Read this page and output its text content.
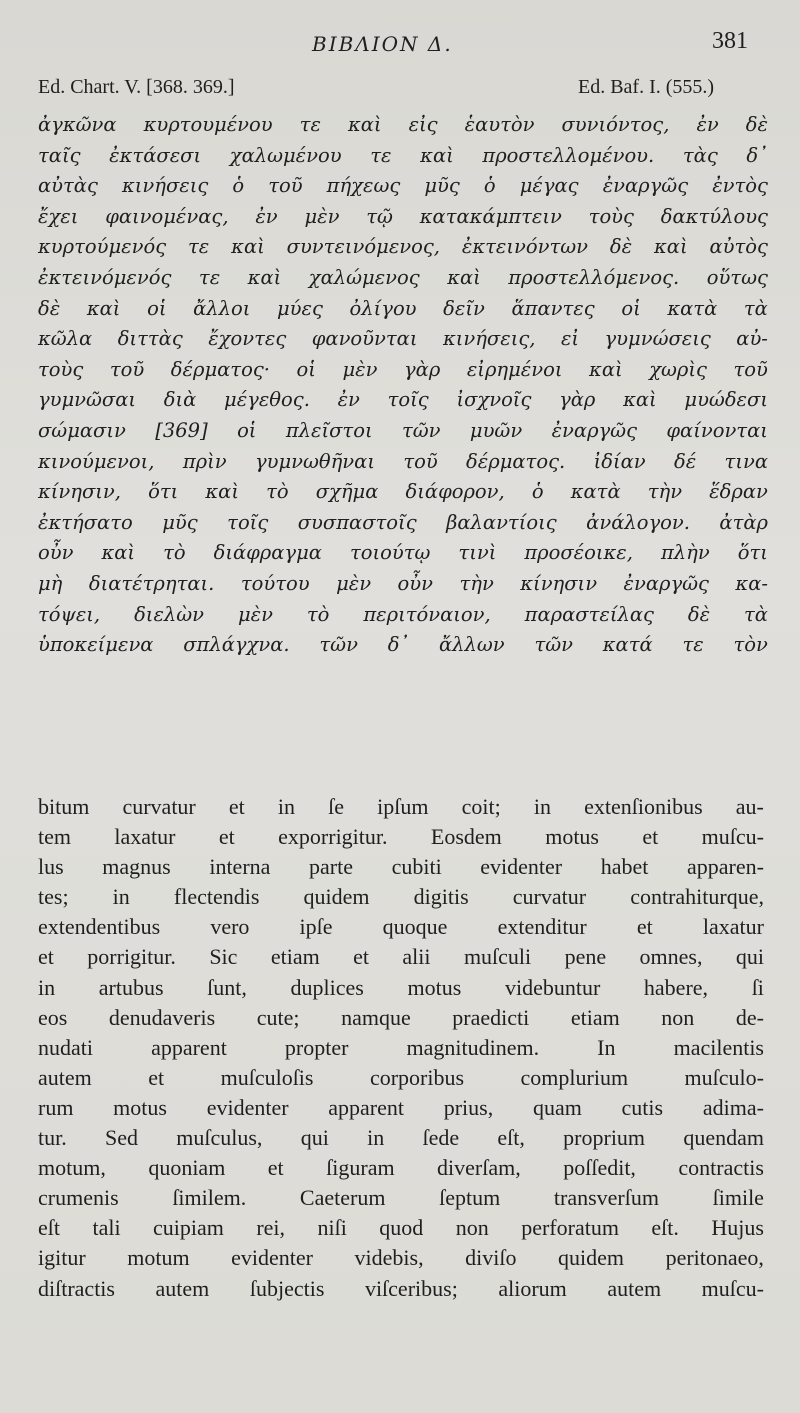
ΒΙΒΛΙΟΝ Δ.	381
Ed. Chart. V. [368. 369.]	Ed. Baf. I. (555.)
ἀγκῶνα κυρτουμένου τε καὶ εἰς ἑαυτὸν συνιόντος, ἐν δὲ
ταῖς ἐκτάσεσι χαλωμένου τε καὶ προστελλομένου. τὰς δ᾽
αὐτὰς κινήσεις ὁ τοῦ πήχεως μῦς ὁ μέγας ἐναργῶς ἐντὸς
ἔχει φαινομένας, ἐν μὲν τῷ κατακάμπτειν τοὺς δακτύλους
κυρτούμενός τε καὶ συντεινόμενος, ἐκτεινόντων δὲ καὶ αὐτὸς
ἐκτεινόμενός τε καὶ χαλώμενος καὶ προστελλόμενος. οὕτως
δὲ καὶ οἱ ἄλλοι μύες ὀλίγου δεῖν ἅπαντες οἱ κατὰ τὰ
κῶλα διττὰς ἔχοντες φανοῦνται κινήσεις, εἰ γυμνώσεις αὐ-
τοὺς τοῦ δέρματος· οἱ μὲν γὰρ εἰρημένοι καὶ χωρὶς τοῦ
γυμνῶσαι διὰ μέγεθος. ἐν τοῖς ἰσχνοῖς γὰρ καὶ μυώδεσι
σώμασιν [369] οἱ πλεῖστοι τῶν μυῶν ἐναργῶς φαίνονται
κινούμενοι, πρὶν γυμνωθῆναι τοῦ δέρματος. ἰδίαν δέ τινα
κίνησιν, ὅτι καὶ τὸ σχῆμα διάφορον, ὁ κατὰ τὴν ἕδραν
ἐκτήσατο μῦς τοῖς συσπαστοῖς βαλαντίοις ἀνάλογον. ἀτὰρ
οὖν καὶ τὸ διάφραγμα τοιούτῳ τινὶ προσέοικε, πλὴν ὅτι
μὴ διατέτρηται. τούτου μὲν οὖν τὴν κίνησιν ἐναργῶς κα-
τόψει, διελὼν μὲν τὸ περιτόναιον, παραστείλας δὲ τὰ
ὑποκείμενα σπλάγχνα. τῶν δ᾽ ἄλλων τῶν κατά τε τὸν
bitum curvatur et in ſe ipſum coit; in extenſionibus au-
tem laxatur et exporrigitur. Eosdem motus et muſcu-
lus magnus interna parte cubiti evidenter habet apparen-
tes; in flectendis quidem digitis curvatur contrahiturque,
extendentibus vero ipſe quoque extenditur et laxatur
et porrigitur. Sic etiam et alii muſculi pene omnes, qui
in artubus ſunt, duplices motus videbuntur habere, ſi
eos denudaveris cute; namque praedicti etiam non de-
nudati	apparent	propter	magnitudinem.	In	macilentis
autem	et	muſculoſis	corporibus	complurium	muſculo-
rum motus evidenter apparent prius, quam cutis adima-
tur. Sed muſculus, qui in ſede eſt, proprium quendam
motum, quoniam et ſiguram diverſam, poſſedit, contractis
crumenis ſimilem. Caeterum ſeptum transverſum ſimile
eſt tali cuipiam rei, niſi quod non perforatum eſt. Hujus
igitur motum evidenter videbis, diviſo quidem peritonaeo,
diſtractis autem ſubjectis viſceribus; aliorum autem muſcu-
